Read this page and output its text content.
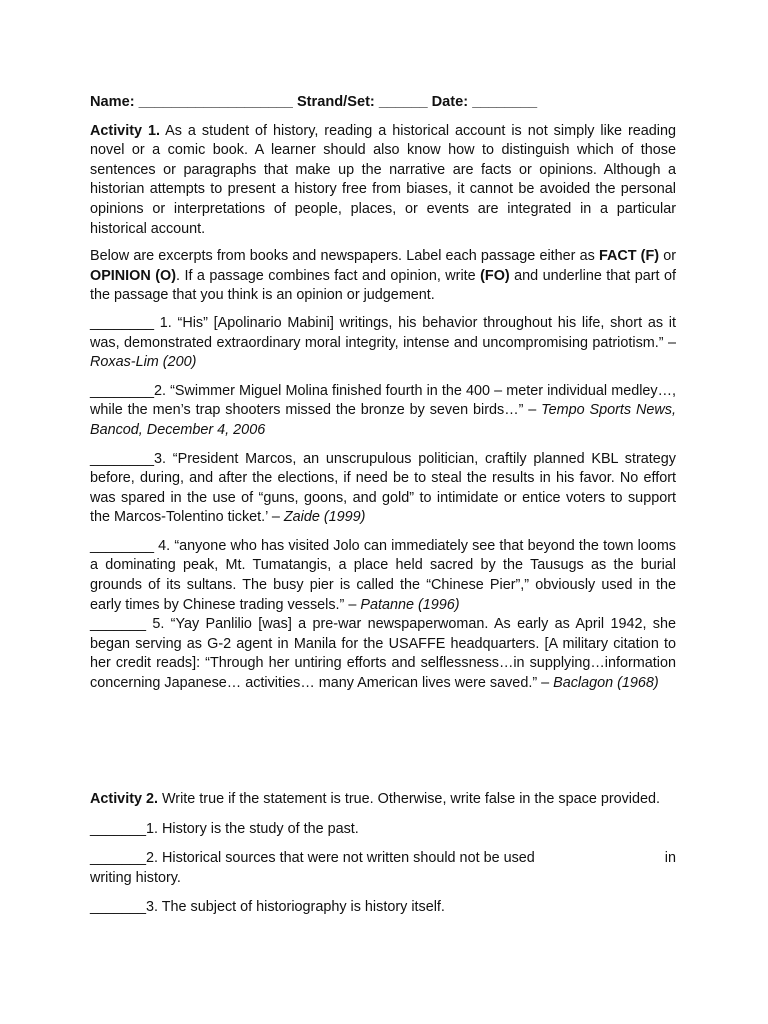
Name: ___________________ Strand/Set: ______ Date: ________

Activity 1. As a student of history, reading a historical account is not simply like reading novel or a comic book. A learner should also know how to distinguish which of those sentences or paragraphs that make up the narrative are facts or opinions. Although a historian attempts to present a history free from biases, it cannot be avoided the personal opinions or interpretations of people, places, or events are integrated in a particular historical account.

Below are excerpts from books and newspapers. Label each passage either as FACT (F) or OPINION (O). If a passage combines fact and opinion, write (FO) and underline that part of the passage that you think is an opinion or judgement.

________ 1. “His” [Apolinario Mabini] writings, his behavior throughout his life, short as it was, demonstrated extraordinary moral integrity, intense and uncompromising patriotism.” – Roxas-Lim (200)

________2. “Swimmer Miguel Molina finished fourth in the 400 – meter individual medley…, while the men’s trap shooters missed the bronze by seven birds…” – Tempo Sports News, Bancod, December 4, 2006

________3. “President Marcos, an unscrupulous politician, craftily planned KBL strategy before, during, and after the elections, if need be to steal the results in his favor. No effort was spared in the use of “guns, goons, and gold” to intimidate or entice voters to support the Marcos-Tolentino ticket.’ – Zaide (1999)

________ 4. “anyone who has visited Jolo can immediately see that beyond the town looms a dominating peak, Mt. Tumatangis, a place held sacred by the Tausugs as the burial grounds of its sultans. The busy pier is called the “Chinese Pier”,” obviously used in the early times by Chinese trading vessels.” – Patanne (1996)

_______ 5. “Yay Panlilio [was] a pre-war newspaperwoman. As early as April 1942, she began serving as G-2 agent in Manila for the USAFFE headquarters. [A military citation to her credit reads]: “Through her untiring efforts and selflessness…in supplying…information concerning Japanese… activities… many American lives were saved.” – Baclagon (1968)

Activity 2. Write true if the statement is true. Otherwise, write false in the space provided.

_______1. History is the study of the past.

_______2. Historical sources that were not written should not be used	in
writing history.

_______3. The subject of historiography is history itself.
